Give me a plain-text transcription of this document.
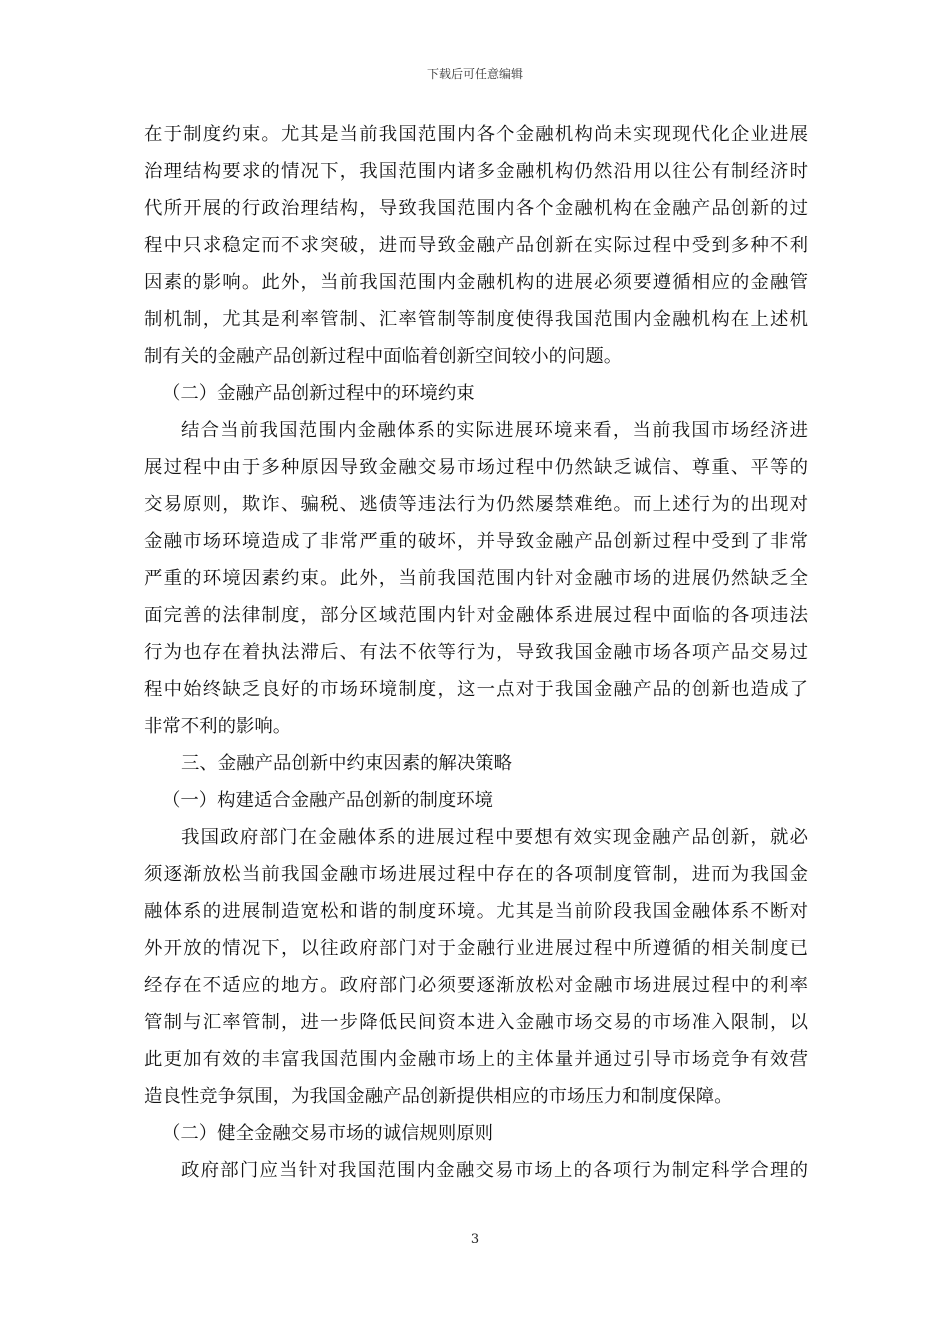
下载后可任意编辑
在于制度约束。尤其是当前我国范围内各个金融机构尚未实现现代化企业进展
治理结构要求的情况下，我国范围内诸多金融机构仍然沿用以往公有制经济时
代所开展的行政治理结构，导致我国范围内各个金融机构在金融产品创新的过
程中只求稳定而不求突破，进而导致金融产品创新在实际过程中受到多种不利
因素的影响。此外，当前我国范围内金融机构的进展必须要遵循相应的金融管
制机制，尤其是利率管制、汇率管制等制度使得我国范围内金融机构在上述机
制有关的金融产品创新过程中面临着创新空间较小的问题。
（二）金融产品创新过程中的环境约束
结合当前我国范围内金融体系的实际进展环境来看，当前我国市场经济进
展过程中由于多种原因导致金融交易市场过程中仍然缺乏诚信、尊重、平等的
交易原则，欺诈、骗税、逃债等违法行为仍然屡禁难绝。而上述行为的出现对
金融市场环境造成了非常严重的破坏，并导致金融产品创新过程中受到了非常
严重的环境因素约束。此外，当前我国范围内针对金融市场的进展仍然缺乏全
面完善的法律制度，部分区域范围内针对金融体系进展过程中面临的各项违法
行为也存在着执法滞后、有法不依等行为，导致我国金融市场各项产品交易过
程中始终缺乏良好的市场环境制度，这一点对于我国金融产品的创新也造成了
非常不利的影响。
三、金融产品创新中约束因素的解决策略
（一）构建适合金融产品创新的制度环境
我国政府部门在金融体系的进展过程中要想有效实现金融产品创新，就必
须逐渐放松当前我国金融市场进展过程中存在的各项制度管制，进而为我国金
融体系的进展制造宽松和谐的制度环境。尤其是当前阶段我国金融体系不断对
外开放的情况下，以往政府部门对于金融行业进展过程中所遵循的相关制度已
经存在不适应的地方。政府部门必须要逐渐放松对金融市场进展过程中的利率
管制与汇率管制，进一步降低民间资本进入金融市场交易的市场准入限制，以
此更加有效的丰富我国范围内金融市场上的主体量并通过引导市场竞争有效营
造良性竞争氛围，为我国金融产品创新提供相应的市场压力和制度保障。
（二）健全金融交易市场的诚信规则原则
政府部门应当针对我国范围内金融交易市场上的各项行为制定科学合理的
3
